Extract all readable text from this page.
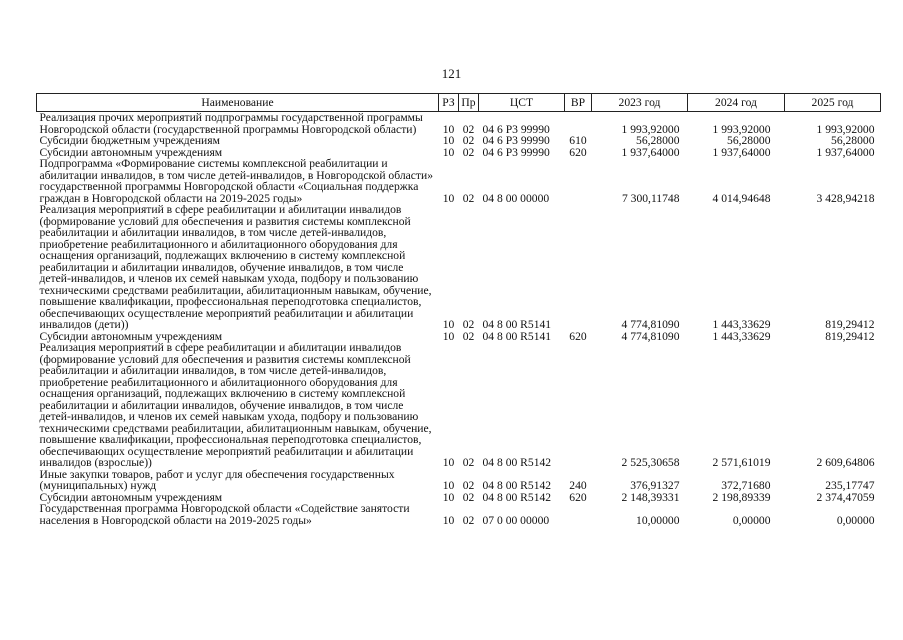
121
Наименование	РЗ	Пр	ЦСТ	ВР	2023 год	2024 год	2025 год
Реализация прочих мероприятий подпрограммы государственной программы Новгородской области (государственной программы Новгородской области)	10	02	04 6 Р3 99990		1 993,92000	1 993,92000	1 993,92000
Субсидии бюджетным учреждениям	10	02	04 6 Р3 99990	610	56,28000	56,28000	56,28000
Субсидии автономным учреждениям	10	02	04 6 Р3 99990	620	1 937,64000	1 937,64000	1 937,64000
Подпрограмма «Формирование системы комплексной реабилитации и абилитации инвалидов, в том числе детей-инвалидов, в Новгородской области» государственной программы Новгородской области «Социальная поддержка граждан в Новгородской области на 2019-2025 годы»	10	02	04 8 00 00000		7 300,11748	4 014,94648	3 428,94218
Реализация мероприятий в сфере реабилитации и абилитации инвалидов (формирование условий для обеспечения и развития системы комплексной реабилитации и абилитации инвалидов, в том числе детей-инвалидов, приобретение реабилитационного и абилитационного оборудования для оснащения организаций, подлежащих включению в систему комплексной реабилитации и абилитации инвалидов, обучение инвалидов, в том числе детей-инвалидов, и членов их семей навыкам ухода, подбору и пользованию техническими средствами реабилитации, абилитационным навыкам, обучение, повышение квалификации, профессиональная переподготовка специалистов, обеспечивающих осуществление мероприятий реабилитации и абилитации инвалидов (дети))	10	02	04 8 00 R5141		4 774,81090	1 443,33629	819,29412
Субсидии автономным учреждениям	10	02	04 8 00 R5141	620	4 774,81090	1 443,33629	819,29412
Реализация мероприятий в сфере реабилитации и абилитации инвалидов (формирование условий для обеспечения и развития системы комплексной реабилитации и абилитации инвалидов, в том числе детей-инвалидов, приобретение реабилитационного и абилитационного оборудования для оснащения организаций, подлежащих включению в систему комплексной реабилитации и абилитации инвалидов, обучение инвалидов, в том числе детей-инвалидов, и членов их семей навыкам ухода, подбору и пользованию техническими средствами реабилитации, абилитационным навыкам, обучение, повышение квалификации, профессиональная переподготовка специалистов, обеспечивающих осуществление мероприятий реабилитации и абилитации инвалидов (взрослые))	10	02	04 8 00 R5142		2 525,30658	2 571,61019	2 609,64806
Иные закупки товаров, работ и услуг для обеспечения государственных (муниципальных) нужд	10	02	04 8 00 R5142	240	376,91327	372,71680	235,17747
Субсидии автономным учреждениям	10	02	04 8 00 R5142	620	2 148,39331	2 198,89339	2 374,47059
Государственная программа Новгородской области «Содействие занятости населения в Новгородской области на 2019-2025 годы»	10	02	07 0 00 00000		10,00000	0,00000	0,00000
